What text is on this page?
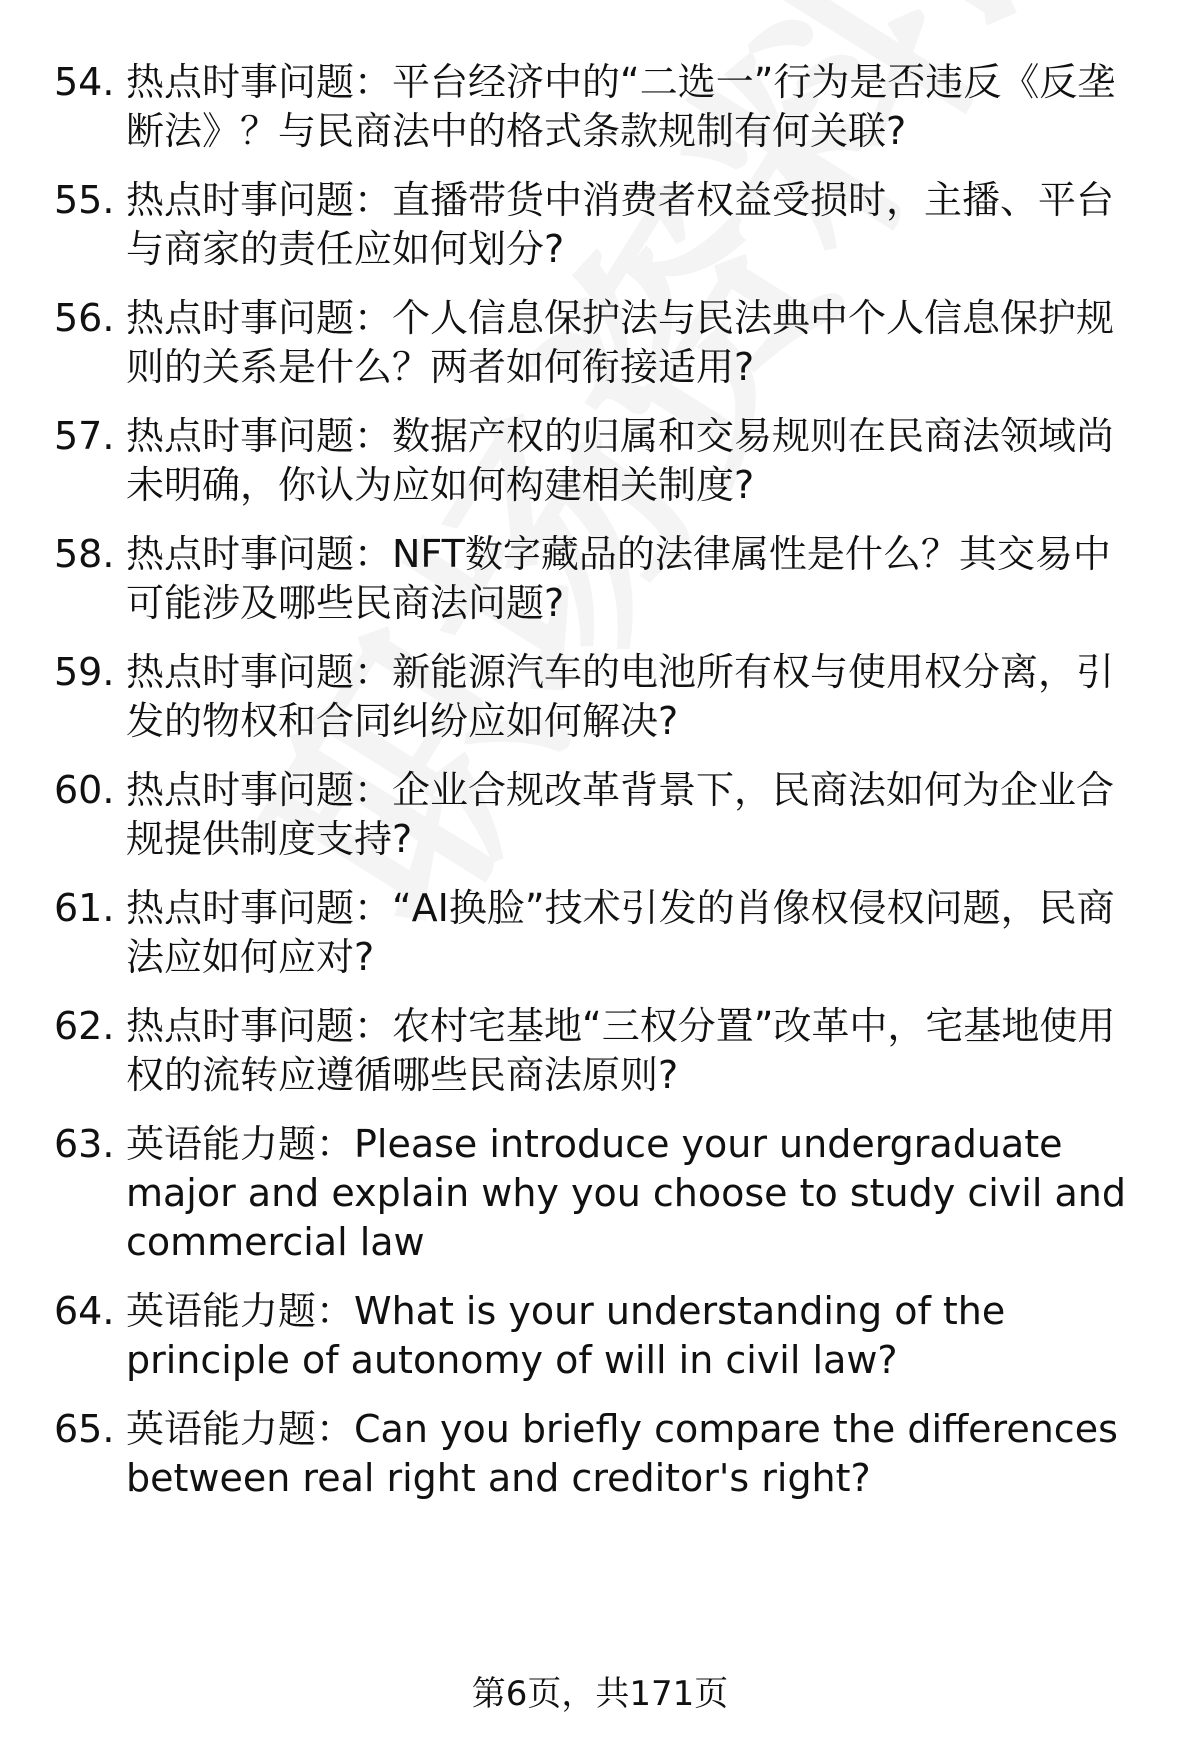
54. 热点时事问题：平台经济中的“二选一”行为是否违反《反垄断法》？与民商法中的格式条款规制有何关联?
55. 热点时事问题：直播带货中消费者权益受损时，主播、平台与商家的责任应如何划分?
56. 热点时事问题：个人信息保护法与民法典中个人信息保护规则的关系是什么？两者如何衔接适用?
57. 热点时事问题：数据产权的归属和交易规则在民商法领域尚未明确，你认为应如何构建相关制度?
58. 热点时事问题：NFT数字藏品的法律属性是什么？其交易中可能涉及哪些民商法问题?
59. 热点时事问题：新能源汽车的电池所有权与使用权分离，引发的物权和合同纠纷应如何解决?
60. 热点时事问题：企业合规改革背景下，民商法如何为企业合规提供制度支持?
61. 热点时事问题：“AI换脸”技术引发的肖像权侵权问题，民商法应如何应对?
62. 热点时事问题：农村宅基地“三权分置”改革中，宅基地使用权的流转应遵循哪些民商法原则?
63. 英语能力题：Please introduce your undergraduate major and explain why you choose to study civil and commercial law
64. 英语能力题：What is your understanding of the principle of autonomy of will in civil law?
65. 英语能力题：Can you briefly compare the differences between real right and creditor's right?
第6页，共171页
